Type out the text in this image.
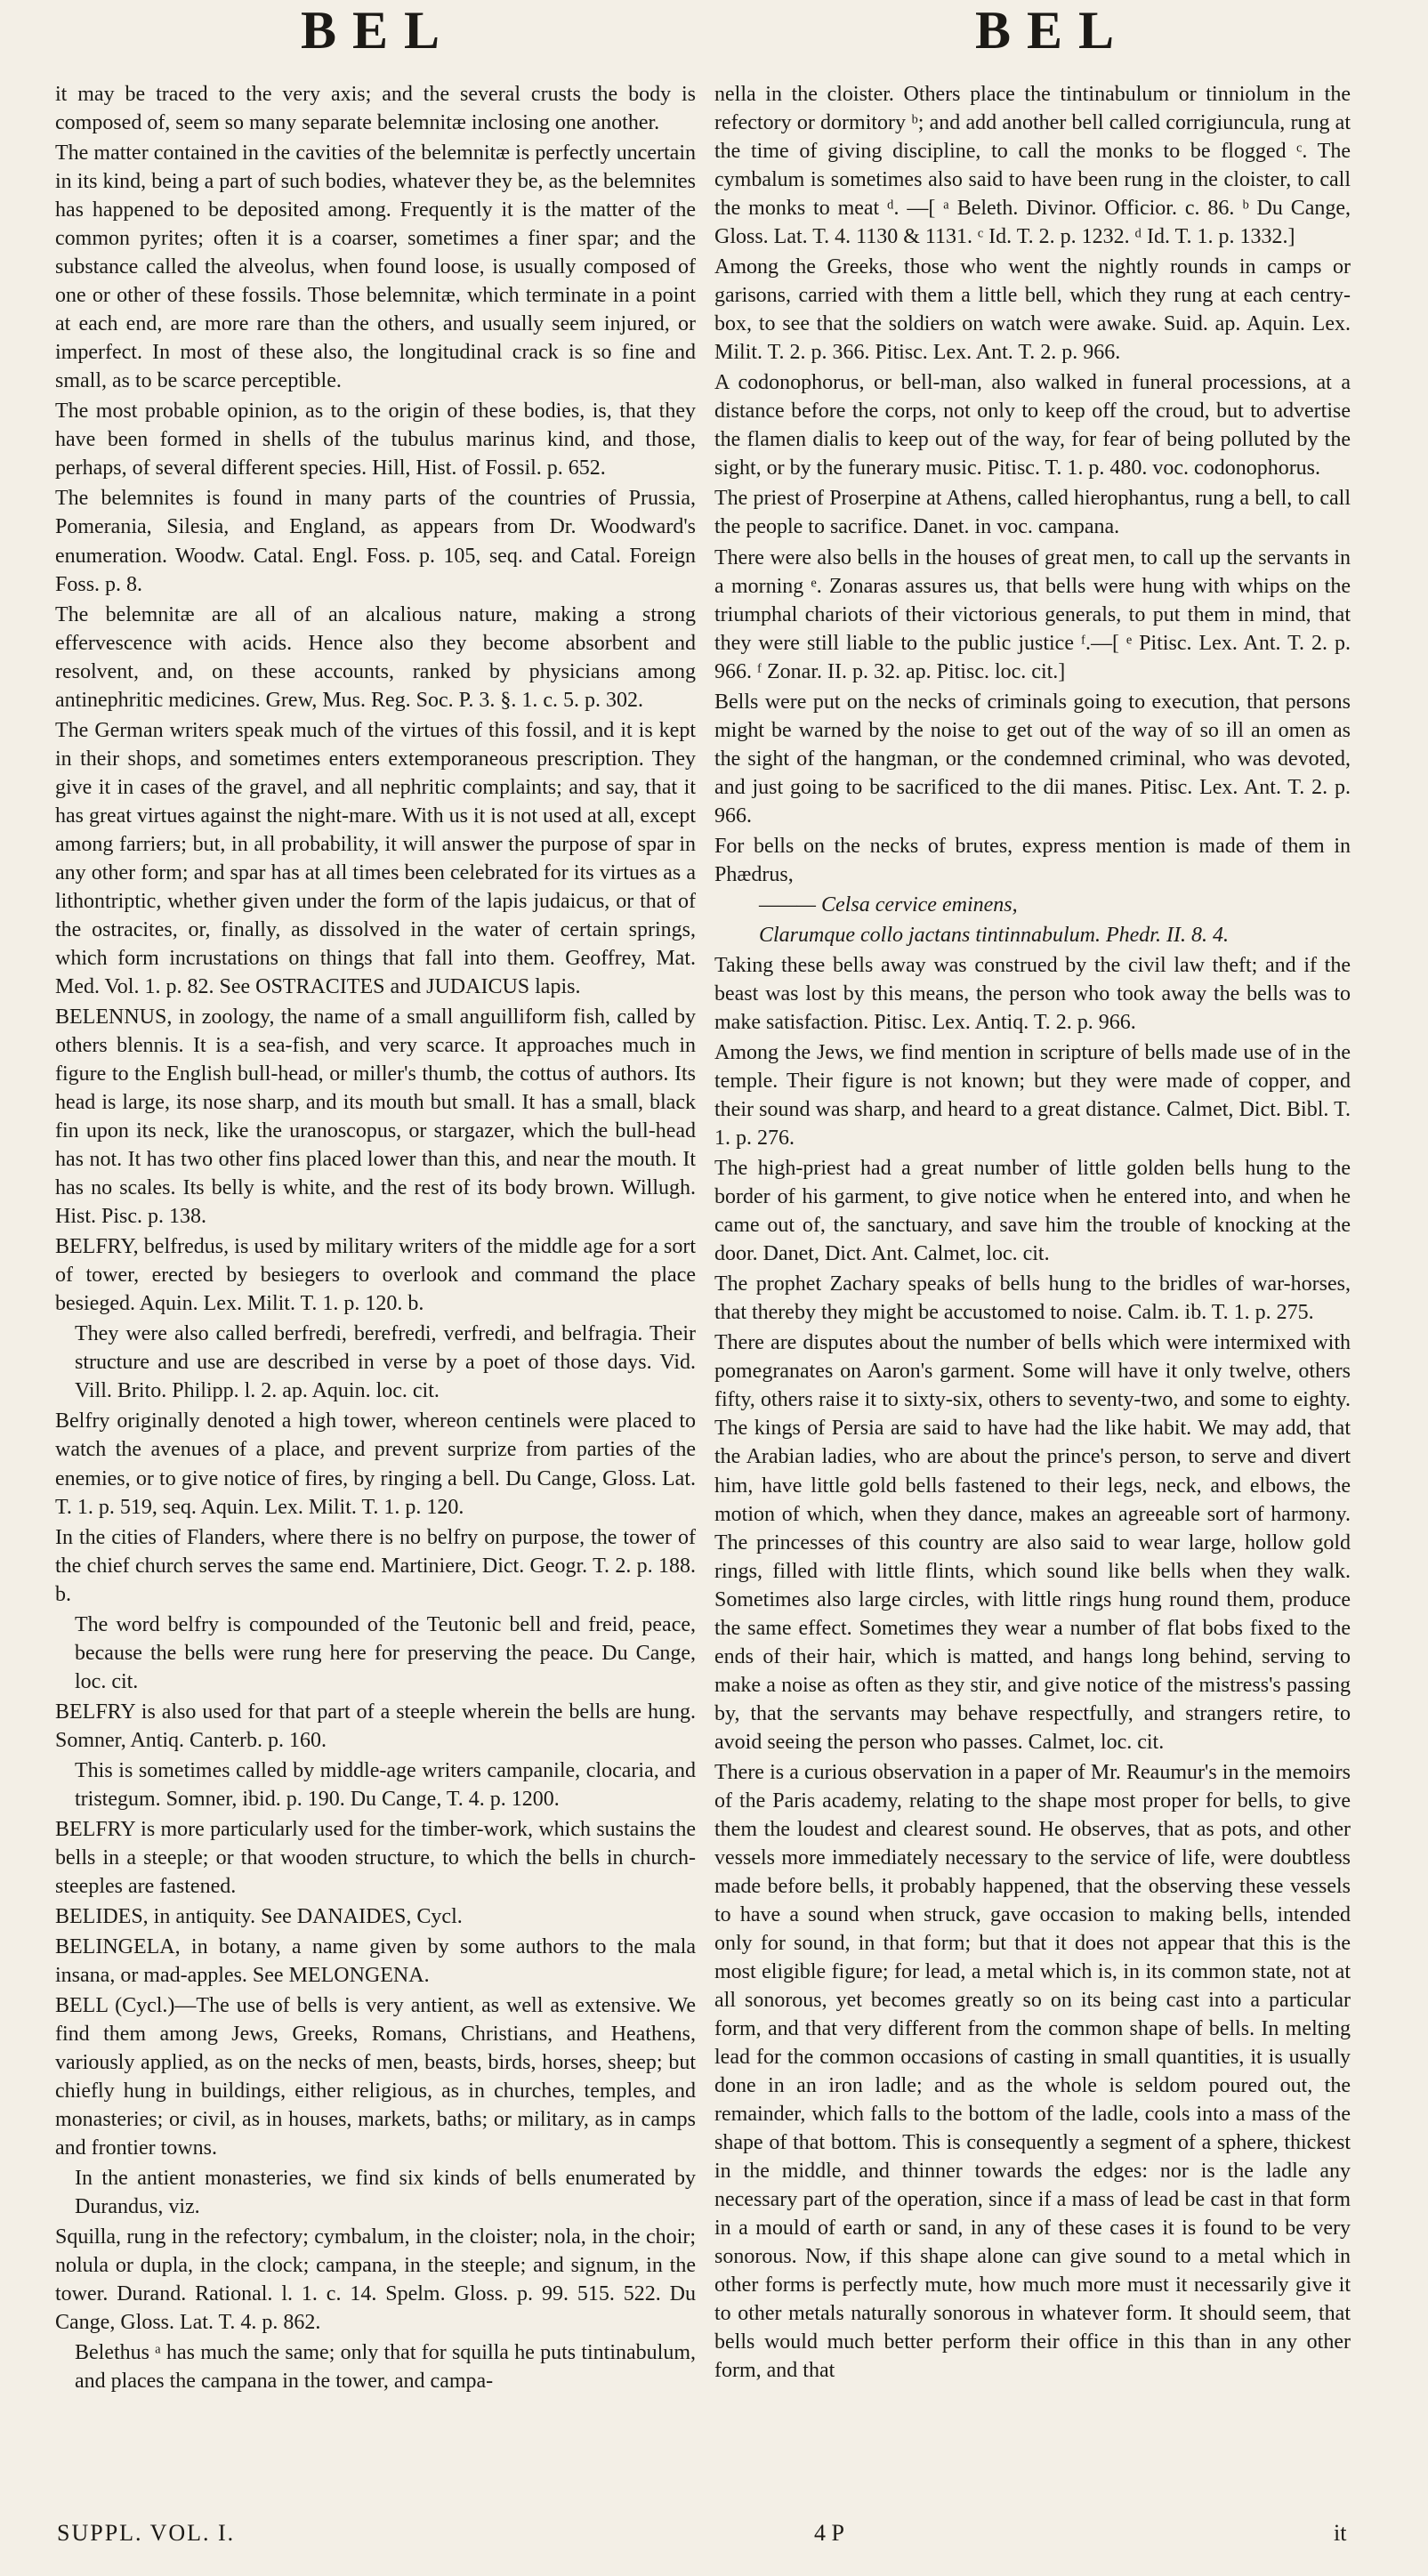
BEL	BEL

it may be traced to the very axis; and the several crusts the body is composed of, seem so many separate belemnitæ inclosing one another.

The matter contained in the cavities of the belemnitæ is perfectly uncertain in its kind, being a part of such bodies, whatever they be, as the belemnites has happened to be deposited among. Frequently it is the matter of the common pyrites; often it is a coarser, sometimes a finer spar; and the substance called the alveolus, when found loose, is usually composed of one or other of these fossils. Those belemnitæ, which terminate in a point at each end, are more rare than the others, and usually seem injured, or imperfect. In most of these also, the longitudinal crack is so fine and small, as to be scarce perceptible.

The most probable opinion, as to the origin of these bodies, is, that they have been formed in shells of the tubulus marinus kind, and those, perhaps, of several different species. Hill, Hist. of Fossil. p. 652.

The belemnites is found in many parts of the countries of Prussia, Pomerania, Silesia, and England, as appears from Dr. Woodward's enumeration. Woodw. Catal. Engl. Foss. p. 105, seq. and Catal. Foreign Foss. p. 8.

The belemnitæ are all of an alcalious nature, making a strong effervescence with acids. Hence also they become absorbent and resolvent, and, on these accounts, ranked by physicians among antinephritic medicines. Grew, Mus. Reg. Soc. P. 3. §. 1. c. 5. p. 302.

The German writers speak much of the virtues of this fossil, and it is kept in their shops, and sometimes enters extemporaneous prescription. They give it in cases of the gravel, and all nephritic complaints; and say, that it has great virtues against the night-mare. With us it is not used at all, except among farriers; but, in all probability, it will answer the purpose of spar in any other form; and spar has at all times been celebrated for its virtues as a lithontriptic, whether given under the form of the lapis judaicus, or that of the ostracites, or, finally, as dissolved in the water of certain springs, which form incrustations on things that fall into them. Geoffrey, Mat. Med. Vol. 1. p. 82. See OSTRACITES and JUDAICUS lapis.

BELENNUS, in zoology, the name of a small anguilliform fish, called by others blennis. It is a sea-fish, and very scarce. It approaches much in figure to the English bull-head, or miller's thumb, the cottus of authors. Its head is large, its nose sharp, and its mouth but small. It has a small, black fin upon its neck, like the uranoscopus, or stargazer, which the bull-head has not. It has two other fins placed lower than this, and near the mouth. It has no scales. Its belly is white, and the rest of its body brown. Willugh. Hist. Pisc. p. 138.

BELFRY, belfredus, is used by military writers of the middle age for a sort of tower, erected by besiegers to overlook and command the place besieged. Aquin. Lex. Milit. T. 1. p. 120. b.

They were also called berfredi, berefredi, verfredi, and belfragia. Their structure and use are described in verse by a poet of those days. Vid. Vill. Brito. Philipp. l. 2. ap. Aquin. loc. cit.

Belfry originally denoted a high tower, whereon centinels were placed to watch the avenues of a place, and prevent surprize from parties of the enemies, or to give notice of fires, by ringing a bell. Du Cange, Gloss. Lat. T. 1. p. 519, seq. Aquin. Lex. Milit. T. 1. p. 120.

In the cities of Flanders, where there is no belfry on purpose, the tower of the chief church serves the same end. Martiniere, Dict. Geogr. T. 2. p. 188. b.

The word belfry is compounded of the Teutonic bell and freid, peace, because the bells were rung here for preserving the peace. Du Cange, loc. cit.

BELFRY is also used for that part of a steeple wherein the bells are hung. Somner, Antiq. Canterb. p. 160.

This is sometimes called by middle-age writers campanile, clocaria, and tristegum. Somner, ibid. p. 190. Du Cange, T. 4. p. 1200.

BELFRY is more particularly used for the timber-work, which sustains the bells in a steeple; or that wooden structure, to which the bells in church-steeples are fastened.

BELIDES, in antiquity. See DANAIDES, Cycl.

BELINGELA, in botany, a name given by some authors to the mala insana, or mad-apples. See MELONGENA.

BELL (Cycl.)—The use of bells is very antient, as well as extensive. We find them among Jews, Greeks, Romans, Christians, and Heathens, variously applied, as on the necks of men, beasts, birds, horses, sheep; but chiefly hung in buildings, either religious, as in churches, temples, and monasteries; or civil, as in houses, markets, baths; or military, as in camps and frontier towns.

In the antient monasteries, we find six kinds of bells enumerated by Durandus, viz.

Squilla, rung in the refectory; cymbalum, in the cloister; nola, in the choir; nolula or dupla, in the clock; campana, in the steeple; and signum, in the tower. Durand. Rational. l. 1. c. 14. Spelm. Gloss. p. 99. 515. 522. Du Cange, Gloss. Lat. T. 4. p. 862.

Belethus ᵃ has much the same; only that for squilla he puts tintinabulum, and places the campana in the tower, and campa-

nella in the cloister. Others place the tintinabulum or tinniolum in the refectory or dormitory ᵇ; and add another bell called corrigiuncula, rung at the time of giving discipline, to call the monks to be flogged ᶜ. The cymbalum is sometimes also said to have been rung in the cloister, to call the monks to meat ᵈ. —[ ᵃ Beleth. Divinor. Officior. c. 86. ᵇ Du Cange, Gloss. Lat. T. 4. 1130 & 1131. ᶜ Id. T. 2. p. 1232. ᵈ Id. T. 1. p. 1332.]

Among the Greeks, those who went the nightly rounds in camps or garisons, carried with them a little bell, which they rung at each centry-box, to see that the soldiers on watch were awake. Suid. ap. Aquin. Lex. Milit. T. 2. p. 366. Pitisc. Lex. Ant. T. 2. p. 966.

A codonophorus, or bell-man, also walked in funeral processions, at a distance before the corps, not only to keep off the croud, but to advertise the flamen dialis to keep out of the way, for fear of being polluted by the sight, or by the funerary music. Pitisc. T. 1. p. 480. voc. codonophorus.

The priest of Proserpine at Athens, called hierophantus, rung a bell, to call the people to sacrifice. Danet. in voc. campana.

There were also bells in the houses of great men, to call up the servants in a morning ᵉ. Zonaras assures us, that bells were hung with whips on the triumphal chariots of their victorious generals, to put them in mind, that they were still liable to the public justice ᶠ.—[ ᵉ Pitisc. Lex. Ant. T. 2. p. 966. ᶠ Zonar. II. p. 32. ap. Pitisc. loc. cit.]

Bells were put on the necks of criminals going to execution, that persons might be warned by the noise to get out of the way of so ill an omen as the sight of the hangman, or the condemned criminal, who was devoted, and just going to be sacrificed to the dii manes. Pitisc. Lex. Ant. T. 2. p. 966.

For bells on the necks of brutes, express mention is made of them in Phædrus,

——— Celsa cervice eminens,

Clarumque collo jactans tintinnabulum. Phedr. II. 8. 4.

Taking these bells away was construed by the civil law theft; and if the beast was lost by this means, the person who took away the bells was to make satisfaction. Pitisc. Lex. Antiq. T. 2. p. 966.

Among the Jews, we find mention in scripture of bells made use of in the temple. Their figure is not known; but they were made of copper, and their sound was sharp, and heard to a great distance. Calmet, Dict. Bibl. T. 1. p. 276.

The high-priest had a great number of little golden bells hung to the border of his garment, to give notice when he entered into, and when he came out of, the sanctuary, and save him the trouble of knocking at the door. Danet, Dict. Ant. Calmet, loc. cit.

The prophet Zachary speaks of bells hung to the bridles of war-horses, that thereby they might be accustomed to noise. Calm. ib. T. 1. p. 275.

There are disputes about the number of bells which were intermixed with pomegranates on Aaron's garment. Some will have it only twelve, others fifty, others raise it to sixty-six, others to seventy-two, and some to eighty. The kings of Persia are said to have had the like habit. We may add, that the Arabian ladies, who are about the prince's person, to serve and divert him, have little gold bells fastened to their legs, neck, and elbows, the motion of which, when they dance, makes an agreeable sort of harmony. The princesses of this country are also said to wear large, hollow gold rings, filled with little flints, which sound like bells when they walk. Sometimes also large circles, with little rings hung round them, produce the same effect. Sometimes they wear a number of flat bobs fixed to the ends of their hair, which is matted, and hangs long behind, serving to make a noise as often as they stir, and give notice of the mistress's passing by, that the servants may behave respectfully, and strangers retire, to avoid seeing the person who passes. Calmet, loc. cit.

There is a curious observation in a paper of Mr. Reaumur's in the memoirs of the Paris academy, relating to the shape most proper for bells, to give them the loudest and clearest sound. He observes, that as pots, and other vessels more immediately necessary to the service of life, were doubtless made before bells, it probably happened, that the observing these vessels to have a sound when struck, gave occasion to making bells, intended only for sound, in that form; but that it does not appear that this is the most eligible figure; for lead, a metal which is, in its common state, not at all sonorous, yet becomes greatly so on its being cast into a particular form, and that very different from the common shape of bells. In melting lead for the common occasions of casting in small quantities, it is usually done in an iron ladle; and as the whole is seldom poured out, the remainder, which falls to the bottom of the ladle, cools into a mass of the shape of that bottom. This is consequently a segment of a sphere, thickest in the middle, and thinner towards the edges: nor is the ladle any necessary part of the operation, since if a mass of lead be cast in that form in a mould of earth or sand, in any of these cases it is found to be very sonorous. Now, if this shape alone can give sound to a metal which in other forms is perfectly mute, how much more must it necessarily give it to other metals naturally sonorous in whatever form. It should seem, that bells would much better perform their office in this than in any other form, and that

SUPPL. VOL. I.	4 P	it
